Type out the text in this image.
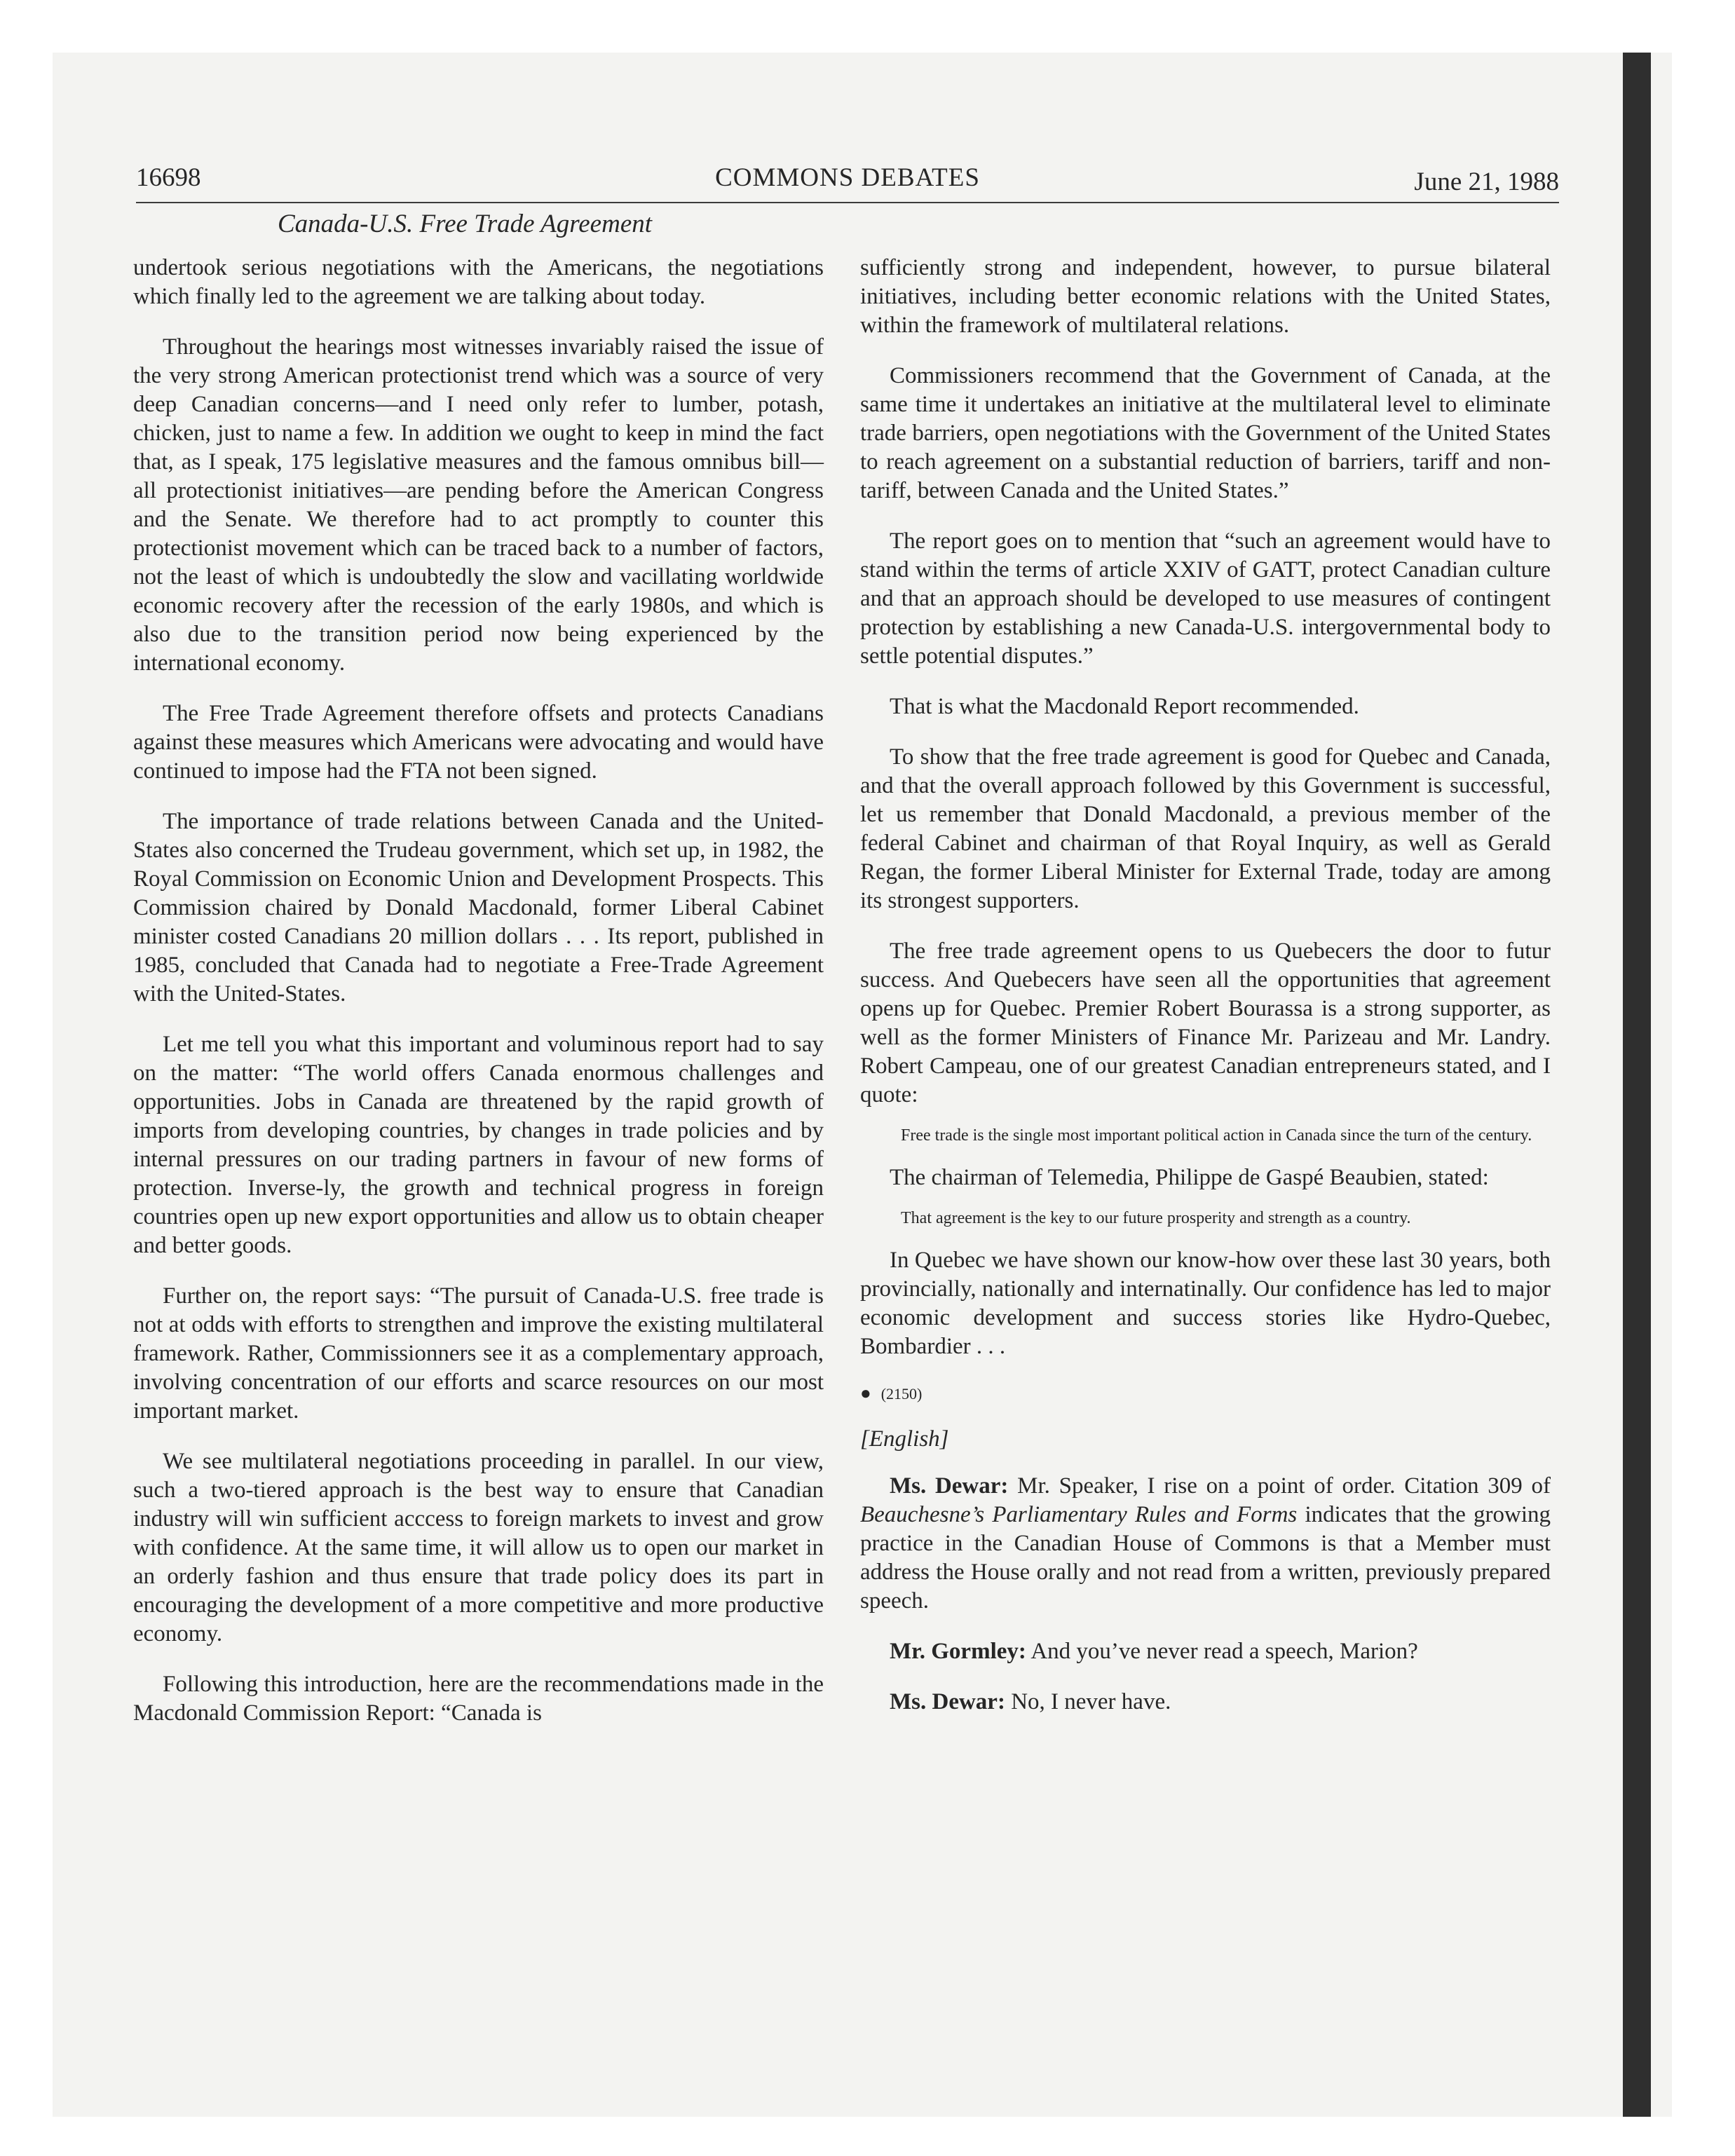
16698	COMMONS DEBATES	June 21, 1988
Canada-U.S. Free Trade Agreement

undertook serious negotiations with the Americans, the negotiations which finally led to the agreement we are talking about today.

Throughout the hearings most witnesses invariably raised the issue of the very strong American protectionist trend which was a source of very deep Canadian concerns—and I need only refer to lumber, potash, chicken, just to name a few. In addition we ought to keep in mind the fact that, as I speak, 175 legislative measures and the famous omnibus bill—all protectionist initiatives—are pending before the American Congress and the Senate. We therefore had to act promptly to counter this protectionist movement which can be traced back to a number of factors, not the least of which is undoubtedly the slow and vacillating worldwide economic recovery after the recession of the early 1980s, and which is also due to the transition period now being experienced by the international economy.

The Free Trade Agreement therefore offsets and protects Canadians against these measures which Americans were advocating and would have continued to impose had the FTA not been signed.

The importance of trade relations between Canada and the United-States also concerned the Trudeau government, which set up, in 1982, the Royal Commission on Economic Union and Development Prospects. This Commission chaired by Donald Macdonald, former Liberal Cabinet minister costed Canadians 20 million dollars . . . Its report, published in 1985, concluded that Canada had to negotiate a Free-Trade Agreement with the United-States.

Let me tell you what this important and voluminous report had to say on the matter: “The world offers Canada enormous challenges and opportunities. Jobs in Canada are threatened by the rapid growth of imports from developing countries, by changes in trade policies and by internal pressures on our trading partners in favour of new forms of protection. Inverse-ly, the growth and technical progress in foreign countries open up new export opportunities and allow us to obtain cheaper and better goods.

Further on, the report says: “The pursuit of Canada-U.S. free trade is not at odds with efforts to strengthen and improve the existing multilateral framework. Rather, Commissionners see it as a complementary approach, involving concentration of our efforts and scarce resources on our most important market.

We see multilateral negotiations proceeding in parallel. In our view, such a two-tiered approach is the best way to ensure that Canadian industry will win sufficient acccess to foreign markets to invest and grow with confidence. At the same time, it will allow us to open our market in an orderly fashion and thus ensure that trade policy does its part in encouraging the development of a more competitive and more productive economy.

Following this introduction, here are the recommendations made in the Macdonald Commission Report: “Canada is

sufficiently strong and independent, however, to pursue bilateral initiatives, including better economic relations with the United States, within the framework of multilateral relations.

Commissioners recommend that the Government of Canada, at the same time it undertakes an initiative at the multilateral level to eliminate trade barriers, open negotiations with the Government of the United States to reach agreement on a substantial reduction of barriers, tariff and non-tariff, between Canada and the United States.”

The report goes on to mention that “such an agreement would have to stand within the terms of article XXIV of GATT, protect Canadian culture and that an approach should be developed to use measures of contingent protection by establishing a new Canada-U.S. intergovernmental body to settle potential disputes.”

That is what the Macdonald Report recommended.

To show that the free trade agreement is good for Quebec and Canada, and that the overall approach followed by this Government is successful, let us remember that Donald Macdonald, a previous member of the federal Cabinet and chairman of that Royal Inquiry, as well as Gerald Regan, the former Liberal Minister for External Trade, today are among its strongest supporters.

The free trade agreement opens to us Quebecers the door to futur success. And Quebecers have seen all the opportunities that agreement opens up for Quebec. Premier Robert Bourassa is a strong supporter, as well as the former Ministers of Finance Mr. Parizeau and Mr. Landry. Robert Campeau, one of our greatest Canadian entrepreneurs stated, and I quote:

Free trade is the single most important political action in Canada since the turn of the century.

The chairman of Telemedia, Philippe de Gaspé Beaubien, stated:

That agreement is the key to our future prosperity and strength as a country.

In Quebec we have shown our know-how over these last 30 years, both provincially, nationally and internatinally. Our confidence has led to major economic development and success stories like Hydro-Quebec, Bombardier . . .

● (2150)
[English]

Ms. Dewar: Mr. Speaker, I rise on a point of order. Citation 309 of Beauchesne’s Parliamentary Rules and Forms indicates that the growing practice in the Canadian House of Commons is that a Member must address the House orally and not read from a written, previously prepared speech.

Mr. Gormley: And you’ve never read a speech, Marion?

Ms. Dewar: No, I never have.
